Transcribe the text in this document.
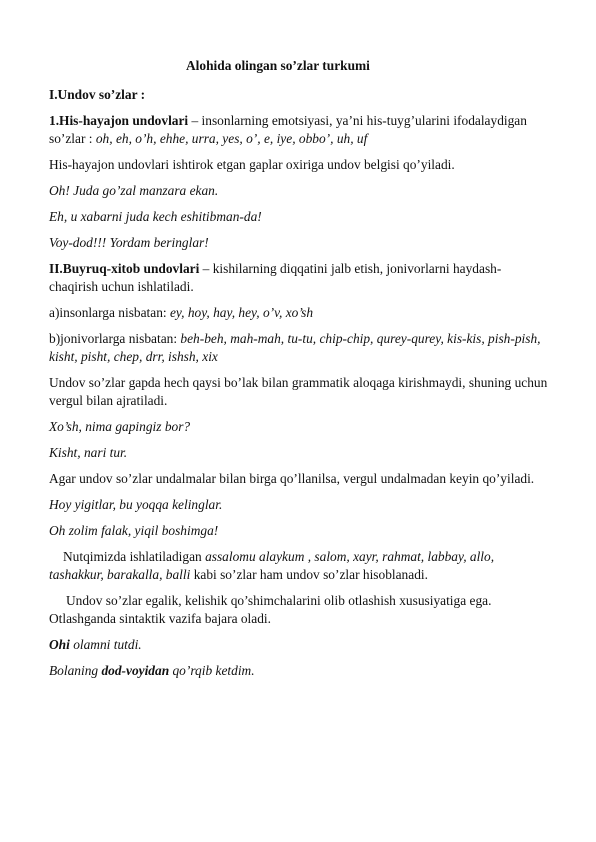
Alohida olingan so’zlar turkumi

I.Undov so’zlar :

1.His-hayajon undovlari – insonlarning emotsiyasi, ya’ni his-tuyg’ularini ifodalaydigan so’zlar : oh, eh, o’h, ehhe, urra, yes, o’, e, iye, obbo’, uh, uf

His-hayajon undovlari ishtirok etgan gaplar oxiriga undov belgisi qo’yiladi.

Oh! Juda go’zal manzara ekan.

Eh, u xabarni juda kech eshitibman-da!

Voy-dod!!! Yordam beringlar!

II.Buyruq-xitob undovlari – kishilarning diqqatini jalb etish, jonivorlarni haydash-chaqirish uchun ishlatiladi.

a)insonlarga nisbatan: ey, hoy, hay, hey, o’v, xo’sh

b)jonivorlarga nisbatan: beh-beh, mah-mah, tu-tu, chip-chip, qurey-qurey, kis-kis, pish-pish, kisht, pisht, chep, drr, ishsh, xix

Undov so’zlar gapda hech qaysi bo’lak bilan grammatik aloqaga kirishmaydi, shuning uchun vergul bilan ajratiladi.

Xo’sh, nima gapingiz bor?

Kisht, nari tur.

Agar undov so’zlar undalmalar bilan birga qo’llanilsa, vergul undalmadan keyin qo’yiladi.

Hoy yigitlar, bu yoqqa kelinglar.

Oh zolim falak, yiqil boshimga!

Nutqimizda ishlatiladigan assalomu alaykum , salom, xayr, rahmat, labbay, allo, tashakkur, barakalla, balli kabi so’zlar ham undov so’zlar hisoblanadi.

Undov so’zlar egalik, kelishik qo’shimchalarini olib otlashish xususiyatiga ega. Otlashganda sintaktik vazifa bajara oladi.

Ohi olamni tutdi.

Bolaning dod-voyidan qo’rqib ketdim.
